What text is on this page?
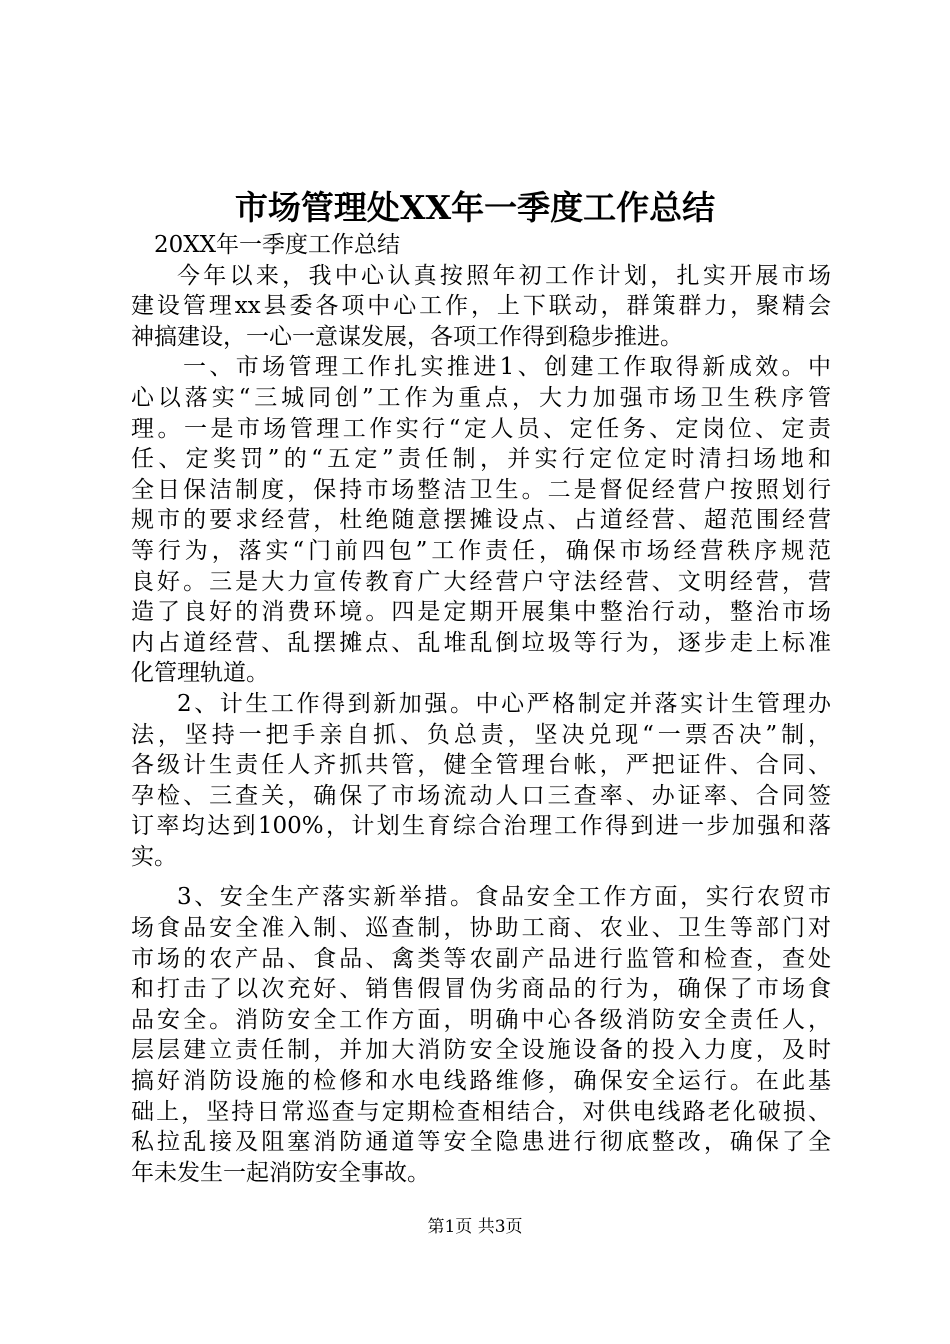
市场管理处XX年一季度工作总结
20XX年一季度工作总结
今年以来，我中心认真按照年初工作计划，扎实开展市场
建设管理xx县委各项中心工作，上下联动，群策群力，聚精会
神搞建设，一心一意谋发展，各项工作得到稳步推进。
一、市场管理工作扎实推进1、创建工作取得新成效。中
心以落实“三城同创”工作为重点，大力加强市场卫生秩序管
理。一是市场管理工作实行“定人员、定任务、定岗位、定责
任、定奖罚”的“五定”责任制，并实行定位定时清扫场地和
全日保洁制度，保持市场整洁卫生。二是督促经营户按照划行
规市的要求经营，杜绝随意摆摊设点、占道经营、超范围经营
等行为，落实“门前四包”工作责任，确保市场经营秩序规范
良好。三是大力宣传教育广大经营户守法经营、文明经营，营
造了良好的消费环境。四是定期开展集中整治行动，整治市场
内占道经营、乱摆摊点、乱堆乱倒垃圾等行为，逐步走上标准
化管理轨道。
2、计生工作得到新加强。中心严格制定并落实计生管理办
法，坚持一把手亲自抓、负总责，坚决兑现“一票否决”制，
各级计生责任人齐抓共管，健全管理台帐，严把证件、合同、
孕检、三查关，确保了市场流动人口三查率、办证率、合同签
订率均达到100%，计划生育综合治理工作得到进一步加强和落
实。
3、安全生产落实新举措。食品安全工作方面，实行农贸市
场食品安全准入制、巡查制，协助工商、农业、卫生等部门对
市场的农产品、食品、禽类等农副产品进行监管和检查，查处
和打击了以次充好、销售假冒伪劣商品的行为，确保了市场食
品安全。消防安全工作方面，明确中心各级消防安全责任人，
层层建立责任制，并加大消防安全设施设备的投入力度，及时
搞好消防设施的检修和水电线路维修，确保安全运行。在此基
础上，坚持日常巡查与定期检查相结合，对供电线路老化破损、
私拉乱接及阻塞消防通道等安全隐患进行彻底整改，确保了全
年未发生一起消防安全事故。
第1页 共3页
